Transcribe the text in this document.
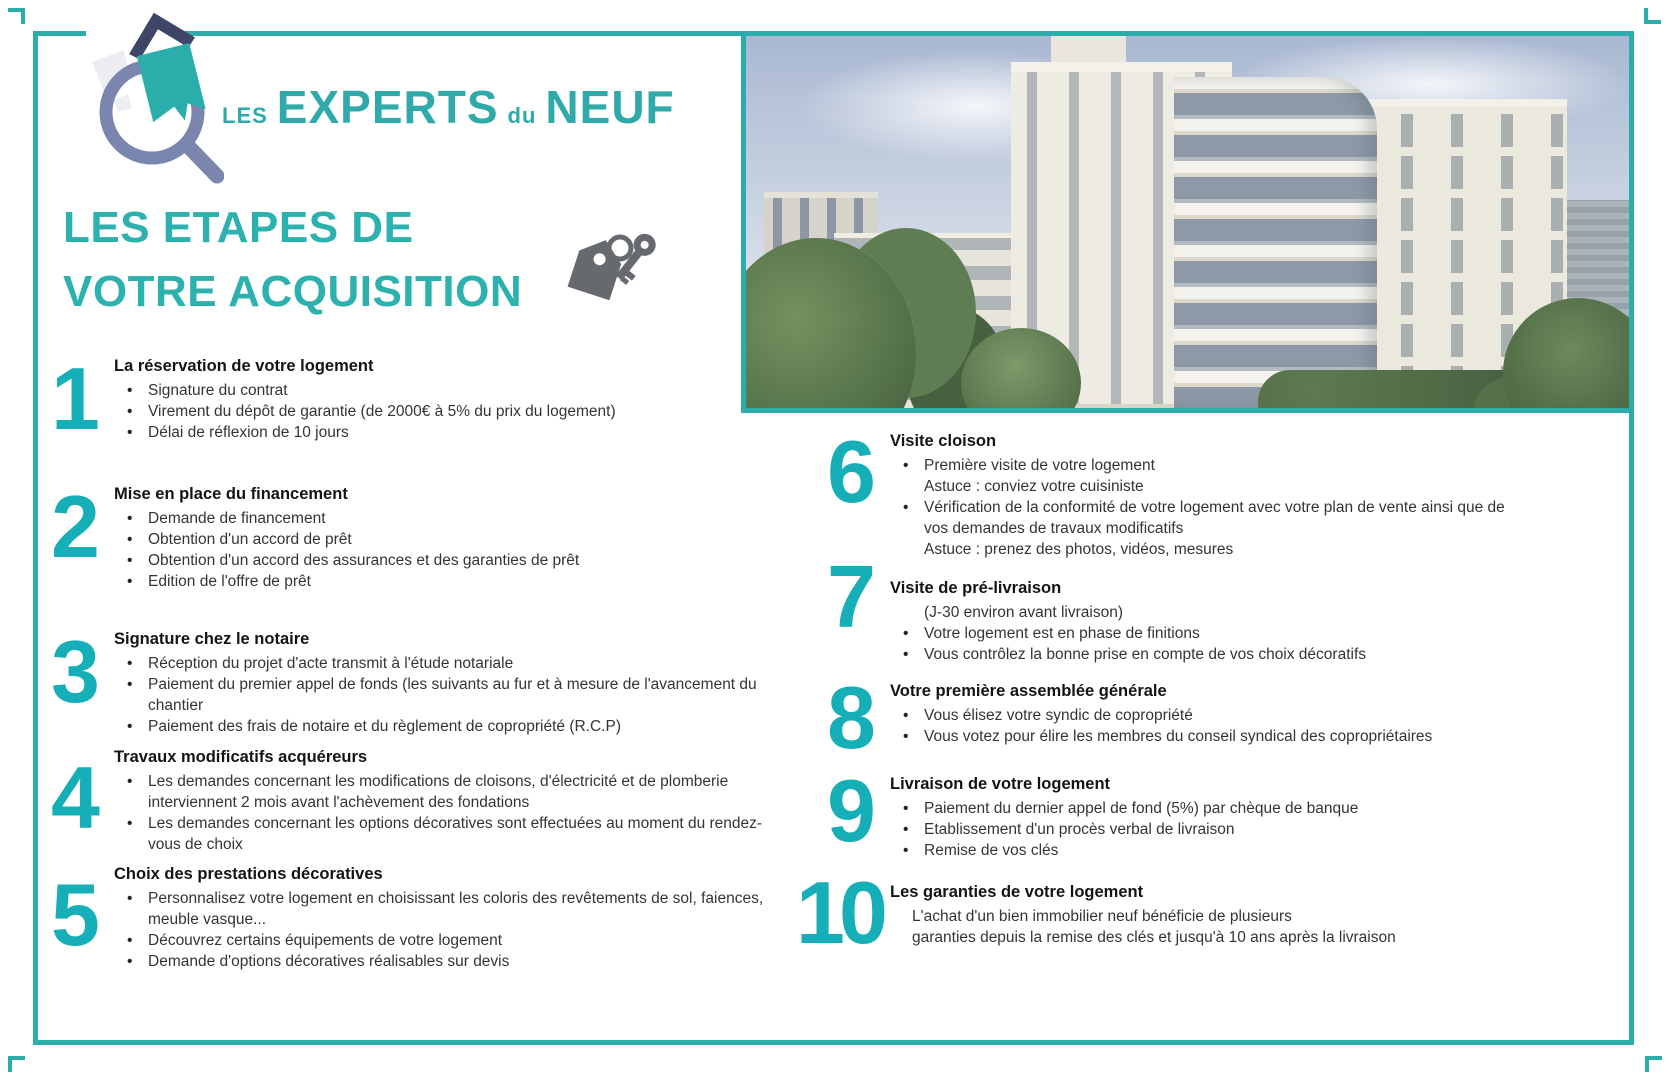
LES EXPERTS du NEUF
LES ETAPES DE
VOTRE ACQUISITION
1 La réservation de votre logement
• Signature du contrat
• Virement du dépôt de garantie (de 2000€ à 5% du prix du logement)
• Délai de réflexion de 10 jours
2 Mise en place du financement
• Demande de financement
• Obtention d'un accord de prêt
• Obtention d'un accord des assurances et des garanties de prêt
• Edition de l'offre de prêt
3 Signature chez le notaire
• Réception du projet d'acte transmit à l'étude notariale
• Paiement du premier appel de fonds (les suivants au fur et à mesure de l'avancement du chantier
• Paiement des frais de notaire et du règlement de copropriété (R.C.P)
4 Travaux modificatifs acquéreurs
• Les demandes concernant les modifications de cloisons, d'électricité et de plomberie interviennent 2 mois avant l'achèvement des fondations
• Les demandes concernant les options décoratives sont effectuées au moment du rendez-vous de choix
5 Choix des prestations décoratives
• Personnalisez votre logement en choisissant les coloris des revêtements de sol, faiences, meuble vasque...
• Découvrez certains équipements de votre logement
• Demande d'options décoratives réalisables sur devis
6 Visite cloison
• Première visite de votre logement
Astuce : conviez votre cuisiniste
• Vérification de la conformité de votre logement avec votre plan de vente ainsi que de vos demandes de travaux modificatifs
Astuce : prenez des photos, vidéos, mesures
7 Visite de pré-livraison
(J-30 environ avant livraison)
• Votre logement est en phase de finitions
• Vous contrôlez la bonne prise en compte de vos choix décoratifs
8 Votre première assemblée générale
• Vous élisez votre syndic de copropriété
• Vous votez pour élire les membres du conseil syndical des copropriétaires
9 Livraison de votre logement
• Paiement du dernier appel de fond (5%) par chèque de banque
• Etablissement d'un procès verbal de livraison
• Remise de vos clés
10 Les garanties de votre logement
L'achat d'un bien immobilier neuf bénéficie de plusieurs
garanties depuis la remise des clés et jusqu'à 10 ans après la livraison
